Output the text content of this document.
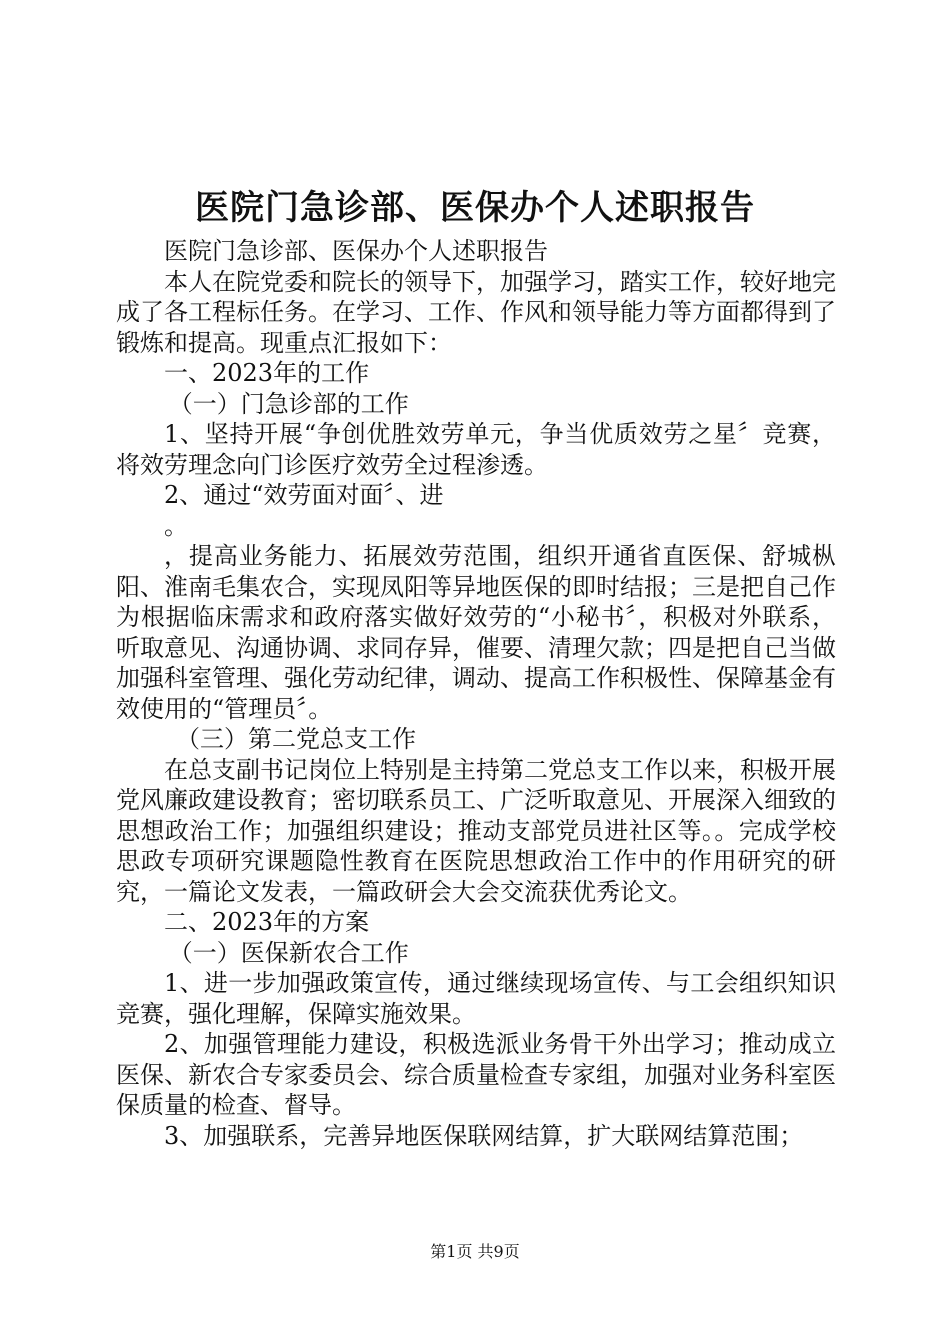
医院门急诊部、医保办个人述职报告

医院门急诊部、医保办个人述职报告

本人在院党委和院长的领导下，加强学习，踏实工作，较好地完成了各工程标任务。在学习、工作、作风和领导能力等方面都得到了锻炼和提高。现重点汇报如下：

一、2023年的工作

（一）门急诊部的工作

1、坚持开展“争创优胜效劳单元，争当优质效劳之星〞竞赛，将效劳理念向门诊医疗效劳全过程渗透。

2、通过“效劳面对面〞、进

。

，提高业务能力、拓展效劳范围，组织开通省直医保、舒城枞阳、淮南毛集农合，实现凤阳等异地医保的即时结报；三是把自己作为根据临床需求和政府落实做好效劳的“小秘书〞，积极对外联系，听取意见、沟通协调、求同存异，催要、清理欠款；四是把自己当做加强科室管理、强化劳动纪律，调动、提高工作积极性、保障基金有效使用的“管理员〞。

（三）第二党总支工作

在总支副书记岗位上特别是主持第二党总支工作以来，积极开展党风廉政建设教育；密切联系员工、广泛听取意见、开展深入细致的思想政治工作；加强组织建设；推动支部党员进社区等。。完成学校思政专项研究课题隐性教育在医院思想政治工作中的作用研究的研究，一篇论文发表，一篇政研会大会交流获优秀论文。

二、2023年的方案

（一）医保新农合工作

1、进一步加强政策宣传，通过继续现场宣传、与工会组织知识竞赛，强化理解，保障实施效果。

2、加强管理能力建设，积极选派业务骨干外出学习；推动成立医保、新农合专家委员会、综合质量检查专家组，加强对业务科室医保质量的检查、督导。

3、加强联系，完善异地医保联网结算，扩大联网结算范围；

第1页 共9页
